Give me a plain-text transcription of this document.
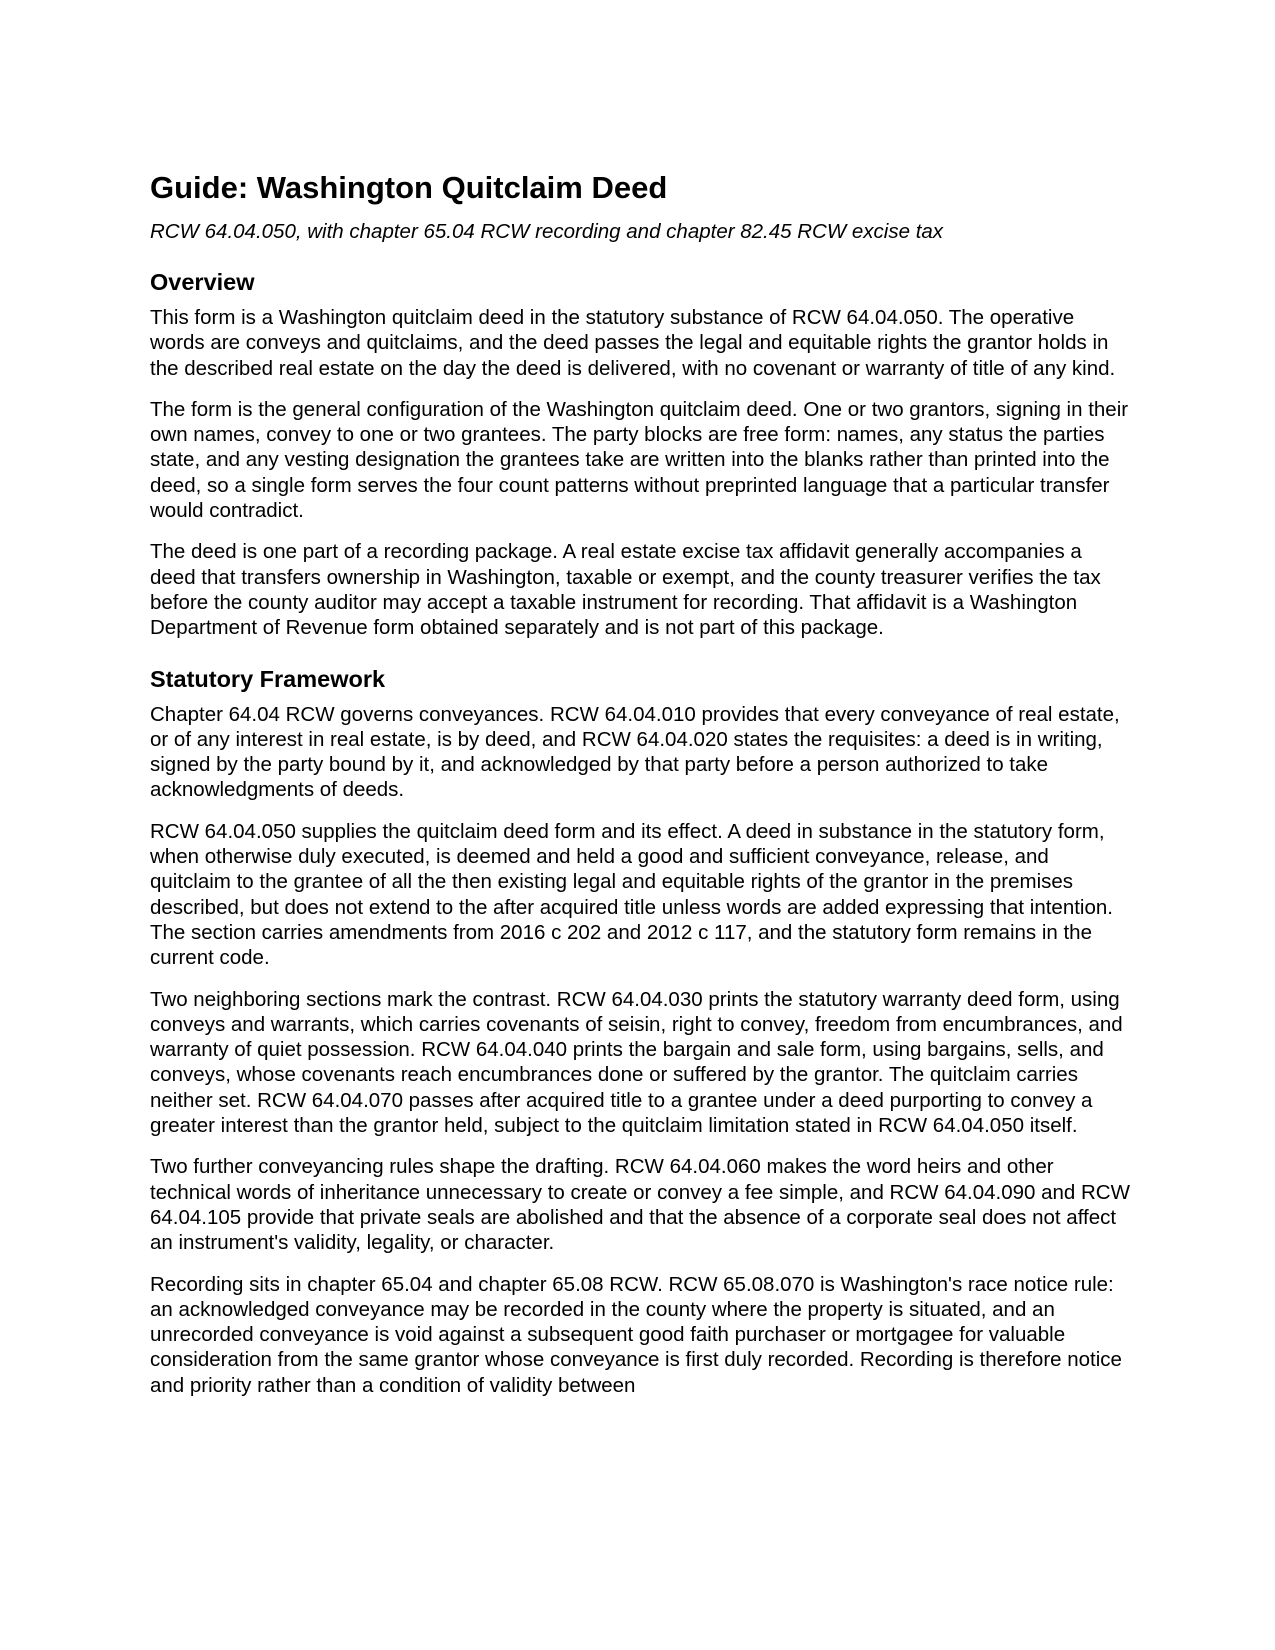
Guide: Washington Quitclaim Deed

RCW 64.04.050, with chapter 65.04 RCW recording and chapter 82.45 RCW excise tax

Overview

This form is a Washington quitclaim deed in the statutory substance of RCW 64.04.050. The operative words are conveys and quitclaims, and the deed passes the legal and equitable rights the grantor holds in the described real estate on the day the deed is delivered, with no covenant or warranty of title of any kind.

The form is the general configuration of the Washington quitclaim deed. One or two grantors, signing in their own names, convey to one or two grantees. The party blocks are free form: names, any status the parties state, and any vesting designation the grantees take are written into the blanks rather than printed into the deed, so a single form serves the four count patterns without preprinted language that a particular transfer would contradict.

The deed is one part of a recording package. A real estate excise tax affidavit generally accompanies a deed that transfers ownership in Washington, taxable or exempt, and the county treasurer verifies the tax before the county auditor may accept a taxable instrument for recording. That affidavit is a Washington Department of Revenue form obtained separately and is not part of this package.

Statutory Framework

Chapter 64.04 RCW governs conveyances. RCW 64.04.010 provides that every conveyance of real estate, or of any interest in real estate, is by deed, and RCW 64.04.020 states the requisites: a deed is in writing, signed by the party bound by it, and acknowledged by that party before a person authorized to take acknowledgments of deeds.

RCW 64.04.050 supplies the quitclaim deed form and its effect. A deed in substance in the statutory form, when otherwise duly executed, is deemed and held a good and sufficient conveyance, release, and quitclaim to the grantee of all the then existing legal and equitable rights of the grantor in the premises described, but does not extend to the after acquired title unless words are added expressing that intention. The section carries amendments from 2016 c 202 and 2012 c 117, and the statutory form remains in the current code.

Two neighboring sections mark the contrast. RCW 64.04.030 prints the statutory warranty deed form, using conveys and warrants, which carries covenants of seisin, right to convey, freedom from encumbrances, and warranty of quiet possession. RCW 64.04.040 prints the bargain and sale form, using bargains, sells, and conveys, whose covenants reach encumbrances done or suffered by the grantor. The quitclaim carries neither set. RCW 64.04.070 passes after acquired title to a grantee under a deed purporting to convey a greater interest than the grantor held, subject to the quitclaim limitation stated in RCW 64.04.050 itself.

Two further conveyancing rules shape the drafting. RCW 64.04.060 makes the word heirs and other technical words of inheritance unnecessary to create or convey a fee simple, and RCW 64.04.090 and RCW 64.04.105 provide that private seals are abolished and that the absence of a corporate seal does not affect an instrument's validity, legality, or character.

Recording sits in chapter 65.04 and chapter 65.08 RCW. RCW 65.08.070 is Washington's race notice rule: an acknowledged conveyance may be recorded in the county where the property is situated, and an unrecorded conveyance is void against a subsequent good faith purchaser or mortgagee for valuable consideration from the same grantor whose conveyance is first duly recorded. Recording is therefore notice and priority rather than a condition of validity between
